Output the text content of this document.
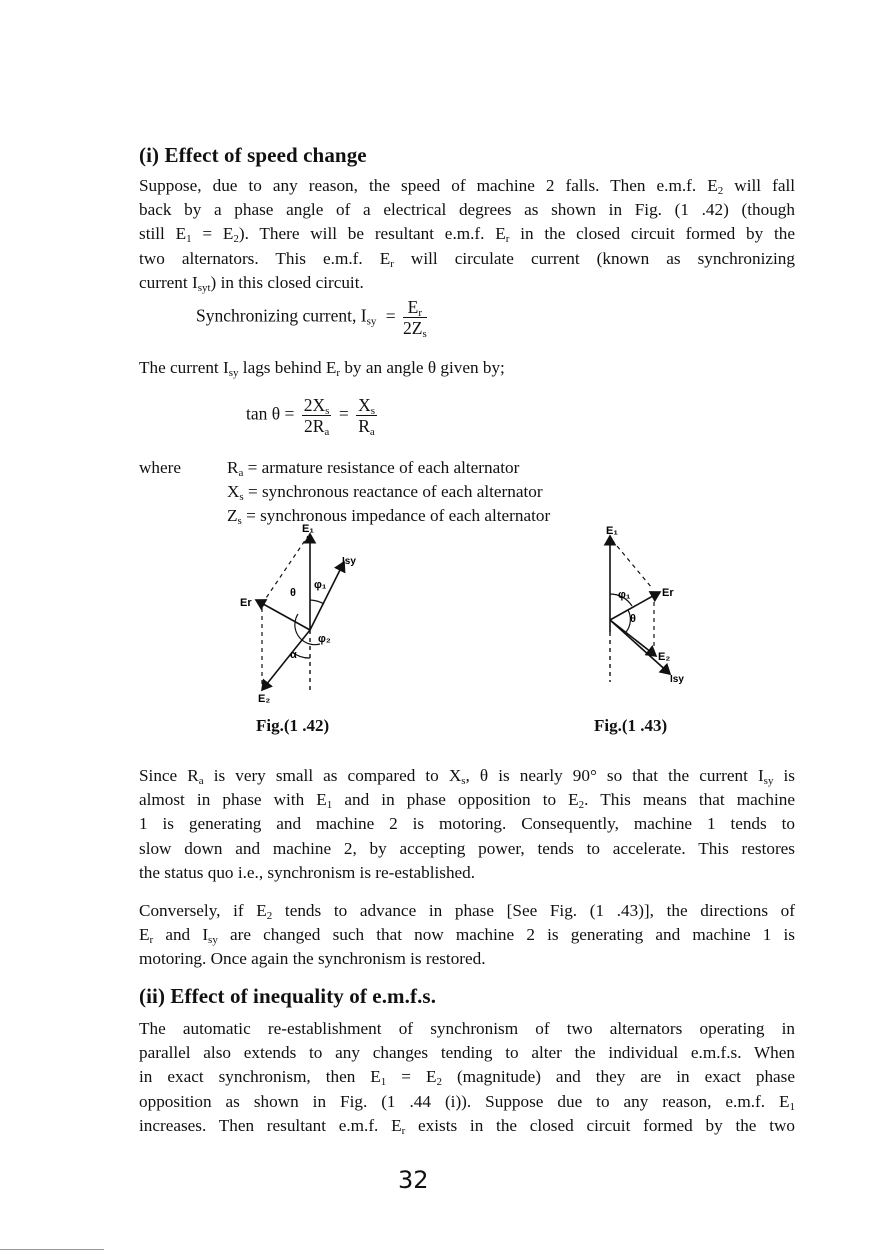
(i) Effect of speed change
Suppose, due to any reason, the speed of machine 2 falls. Then e.m.f. $E_2$ will fall
back by a phase angle of a electrical degrees as shown in Fig. (1 .42) (though
still $E_1 = E_2$). There will be resultant e.m.f. $E_r$ in the closed circuit formed by the
two alternators. This e.m.f. $E_r$ will circulate current (known as synchronizing
current $I_{syt}$) in this closed circuit.
Synchronizing current, $I_{sy} = \frac{E_r}{2Z_s}$
The current $I_{sy}$ lags behind $E_r$ by an angle θ given by;
$\tan \theta = \frac{2X_s}{2R_a} = \frac{X_s}{R_a}$
where	$R_a$ = armature resistance of each alternator
$X_s$ = synchronous reactance of each alternator
$Z_s$ = synchronous impedance of each alternator
E₁
Isy
φ₁
θ
Er
φ₂
α
E₂
Fig.(1 .42)
E₁
Er
φ₁
θ
E₂
Isy
Fig.(1 .43)
Since $R_a$ is very small as compared to $X_s$, θ is nearly 90° so that the current $I_{sy}$ is
almost in phase with $E_1$ and in phase opposition to $E_2$. This means that machine
1 is generating and machine 2 is motoring. Consequently, machine 1 tends to
slow down and machine 2, by accepting power, tends to accelerate. This restores
the status quo i.e., synchronism is re-established.
Conversely, if $E_2$ tends to advance in phase [See Fig. (1 .43)], the directions of
$E_r$ and $I_{sy}$ are changed such that now machine 2 is generating and machine 1 is
motoring. Once again the synchronism is restored.
(ii) Effect of inequality of e.m.f.s.
The automatic re-establishment of synchronism of two alternators operating in
parallel also extends to any changes tending to alter the individual e.m.f.s. When
in exact synchronism, then $E_1 = E_2$ (magnitude) and they are in exact phase
opposition as shown in Fig. (1 .44 (i)). Suppose due to any reason, e.m.f. $E_1$
increases. Then resultant e.m.f. $E_r$ exists in the closed circuit formed by the two
32
